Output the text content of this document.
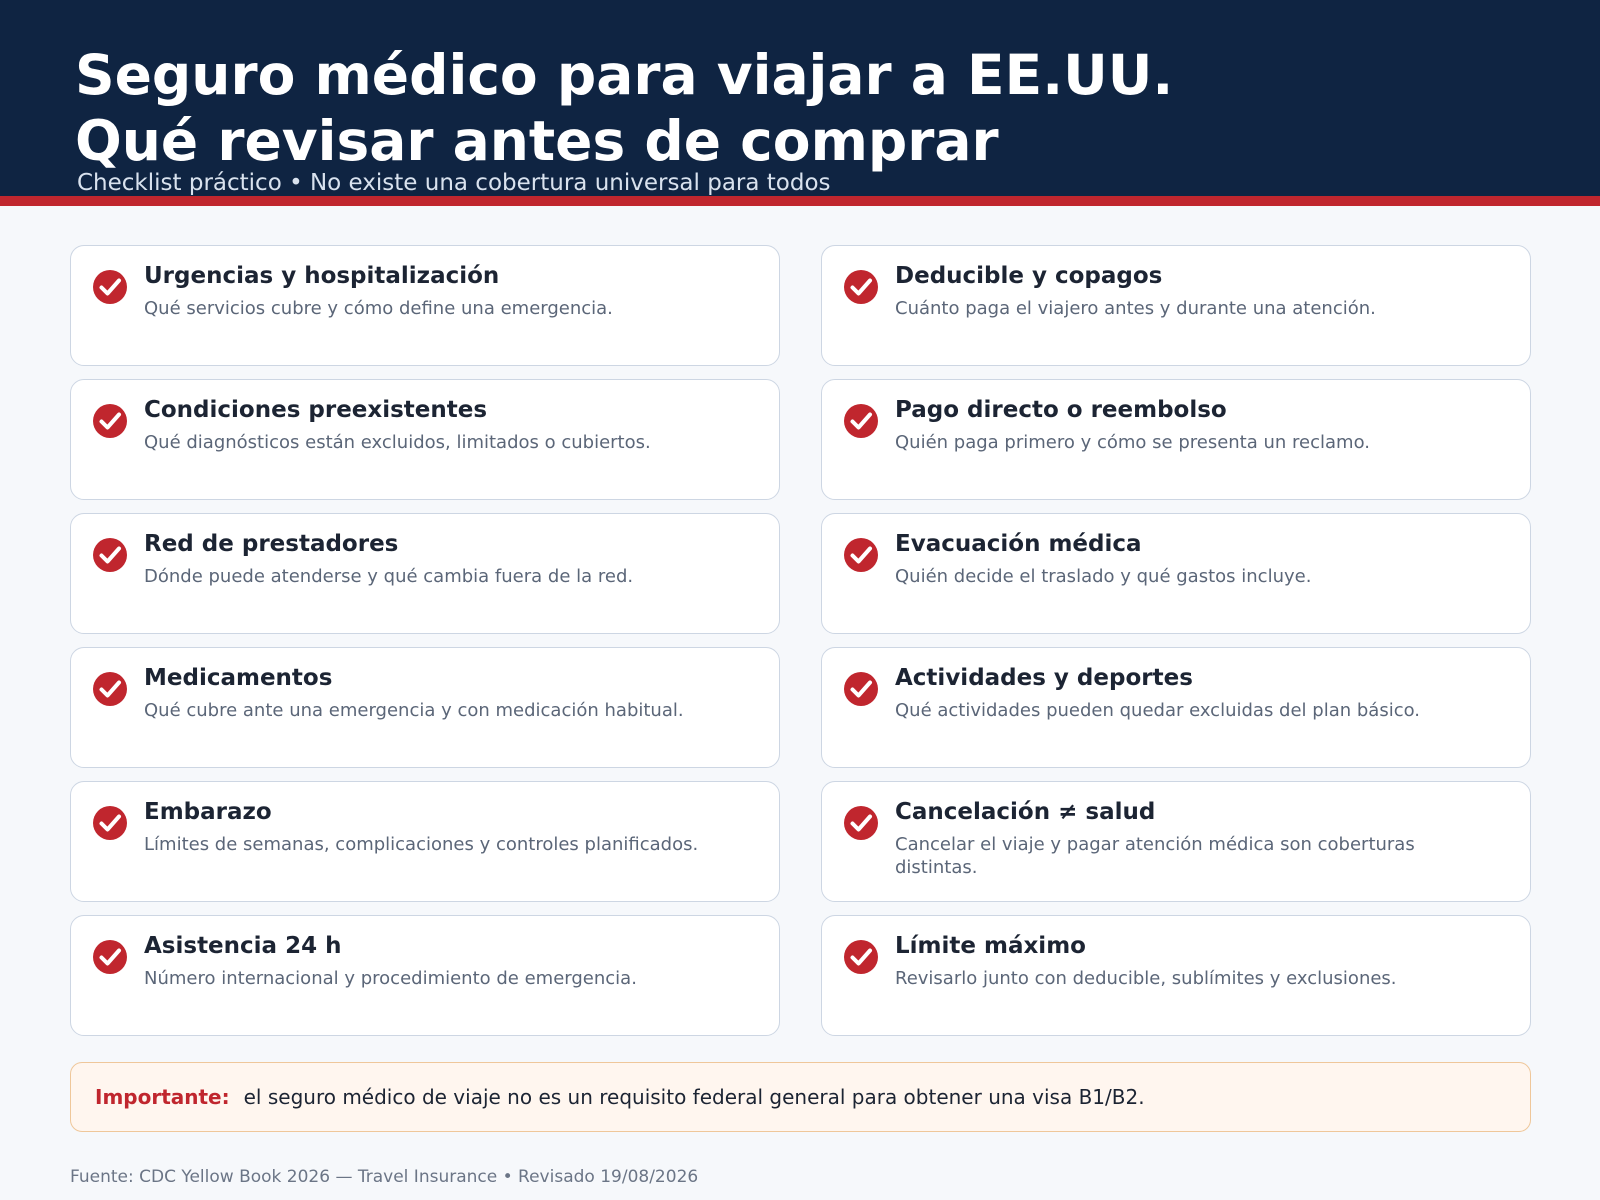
Seguro médico para viajar a EE.UU.
Qué revisar antes de comprar
Checklist práctico • No existe una cobertura universal para todos
Urgencias y hospitalización
Qué servicios cubre y cómo define una emergencia.
Deducible y copagos
Cuánto paga el viajero antes y durante una atención.
Condiciones preexistentes
Qué diagnósticos están excluidos, limitados o cubiertos.
Pago directo o reembolso
Quién paga primero y cómo se presenta un reclamo.
Red de prestadores
Dónde puede atenderse y qué cambia fuera de la red.
Evacuación médica
Quién decide el traslado y qué gastos incluye.
Medicamentos
Qué cubre ante una emergencia y con medicación habitual.
Actividades y deportes
Qué actividades pueden quedar excluidas del plan básico.
Embarazo
Límites de semanas, complicaciones y controles planificados.
Cancelación ≠ salud
Cancelar el viaje y pagar atención médica son coberturas distintas.
Asistencia 24 h
Número internacional y procedimiento de emergencia.
Límite máximo
Revisarlo junto con deducible, sublímites y exclusiones.
Importante: el seguro médico de viaje no es un requisito federal general para obtener una visa B1/B2.
Fuente: CDC Yellow Book 2026 — Travel Insurance • Revisado 19/08/2026
